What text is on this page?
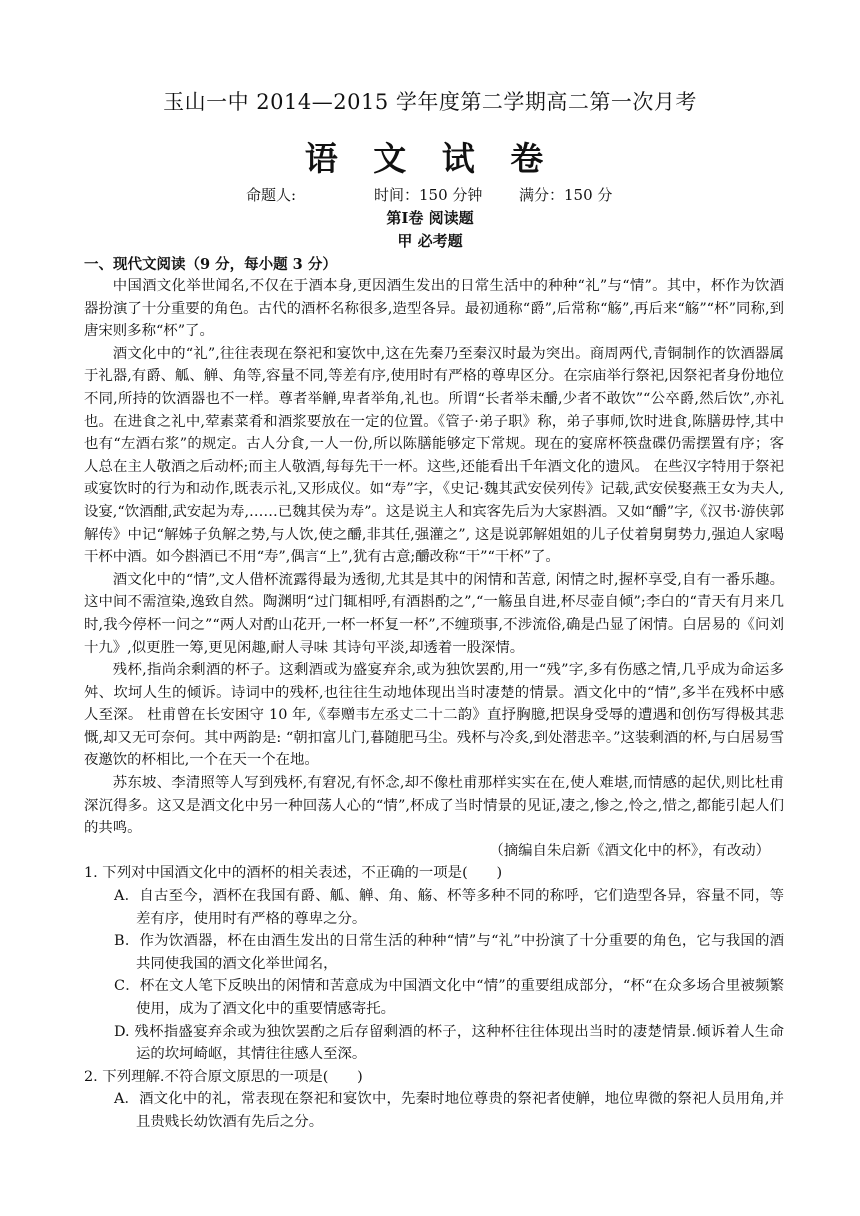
玉山一中 2014—2015 学年度第二学期高二第一次月考
语 文 试 卷
命题人:	时间：150 分钟 满分：150 分
第Ⅰ卷 阅读题
甲 必考题
一、现代文阅读（9 分，每小题 3 分）

中国酒文化举世闻名,不仅在于酒本身,更因酒生发出的日常生活中的种种“礼”与“情”。其中，杯作为饮酒器扮演了十分重要的角色。古代的酒杯名称很多,造型各异。最初通称“爵”,后常称“觞”,再后来“觞”“杯”同称,到唐宋则多称“杯”了。

酒文化中的“礼”,往往表现在祭祀和宴饮中,这在先秦乃至秦汉时最为突出。商周两代,青铜制作的饮酒器属于礼器,有爵、觚、觯、角等,容量不同,等差有序,使用时有严格的尊卑区分。在宗庙举行祭祀,因祭祀者身份地位不同,所持的饮酒器也不一样。尊者举觯,卑者举角,礼也。所谓“长者举未釂,少者不敢饮”“公卒爵,然后饮”,亦礼也。在进食之礼中,荤素菜肴和酒浆要放在一定的位置。《管子·弟子职》称，弟子事师,饮时进食,陈膳毋悖,其中也有“左酒右浆”的规定。古人分食,一人一份,所以陈膳能够定下常规。现在的宴席杯筷盘碟仍需摆置有序；客人总在主人敬酒之后动杯;而主人敬酒,每每先干一杯。这些,还能看出千年酒文化的遗风。 在些汉字特用于祭祀或宴饮时的行为和动作,既表示礼,又形成仪。如“寿”字，《史记·魏其武安侯列传》记载,武安侯娶燕王女为夫人,设宴,“饮酒酣,武安起为寿,……已魏其侯为寿”。这是说主人和宾客先后为大家斟酒。又如“釂”字,《汉书·游侠郭解传》中记“解姊子负解之势,与人饮,使之釂,非其任,强灌之”, 这是说郭解姐姐的儿子仗着舅舅势力,强迫人家喝干杯中酒。如今斟酒已不用“寿”,偶言“上”,犹有古意;釂改称“干”“干杯”了。

酒文化中的“情”,文人借杯流露得最为透彻,尤其是其中的闲情和苦意, 闲情之时,握杯享受,自有一番乐趣。这中间不需渲染,逸致自然。陶渊明“过门辄相呼,有酒斟酌之”,“一觞虽自进,杯尽壶自倾”;李白的“青天有月来几时,我今停杯一问之”“两人对酌山花开,一杯一杯复一杯”,不缠琐事,不涉流俗,确是凸显了闲情。白居易的《问刘十九》,似更胜一筹,更见闲趣,耐人寻味 其诗句平淡,却透着一股深情。

残杯,指尚余剩酒的杯子。这剩酒或为盛宴弃余,或为独饮罢酌,用一“残”字,多有伤感之情,几乎成为命运多舛、坎坷人生的倾诉。诗词中的残杯,也往往生动地体现出当时凄楚的情景。酒文化中的“情”,多半在残杯中感人至深。 杜甫曾在长安困守 10 年,《奉赠韦左丞丈二十二韵》直抒胸臆,把误身受辱的遭遇和创伤写得极其悲慨,却又无可奈何。其中两韵是: “朝扣富儿门,暮随肥马尘。残杯与冷炙,到处潜悲辛。”这装剩酒的杯,与白居易雪夜邀饮的杯相比,一个在天一个在地。

苏东坡、李清照等人写到残杯,有窘况,有怀念,却不像杜甫那样实实在在,使人难堪,而情感的起伏,则比杜甫深沉得多。这又是酒文化中另一种回荡人心的“情”,杯成了当时情景的见证,凄之,惨之,怜之,惜之,都能引起人们的共鸣。

（摘编自朱启新《酒文化中的杯》，有改动）

1. 下列对中国酒文化中的酒杯的相关表述，不正确的一项是(　　)

A．自古至今，酒杯在我国有爵、觚、觯、角、觞、杯等多种不同的称呼，它们造型各异，容量不同，等差有序，使用时有严格的尊卑之分。

B．作为饮酒器，杯在由酒生发出的日常生活的种种“情”与“礼”中扮演了十分重要的角色，它与我国的酒共同使我国的酒文化举世闻名，

C．杯在文人笔下反映出的闲情和苦意成为中国酒文化中“情”的重要组成部分，“杯“在众多场合里被频繁使用，成为了酒文化中的重要情感寄托。

D. 残杯指盛宴弃余或为独饮罢酌之后存留剩酒的杯子，这种杯往往体现出当时的凄楚情景.倾诉着人生命运的坎坷崎岖，其情往往感人至深。

2. 下列理解.不符合原文原思的一项是(　　)

A．酒文化中的礼，常表现在祭祀和宴饮中，先秦时地位尊贵的祭祀者使觯，地位卑微的祭祀人员用角,并且贵贱长幼饮酒有先后之分。
